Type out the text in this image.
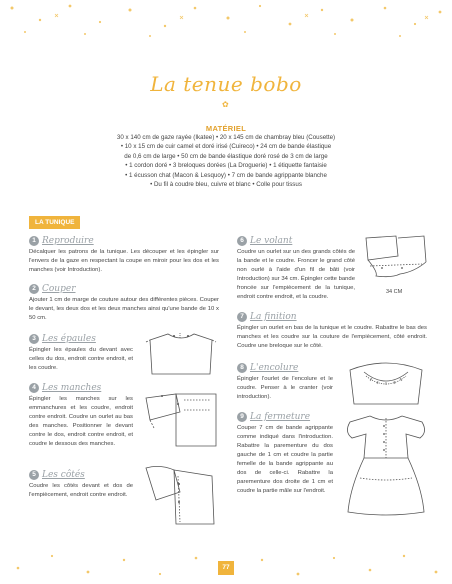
La tenue bobo
✿
MATÉRIEL
30 x 140 cm de gaze rayée (Ikatee) • 20 x 145 cm de chambray bleu (Cousette)
• 10 x 15 cm de cuir camel et doré irisé (Cuireco) • 24 cm de bande élastique
de 0,6 cm de large • 50 cm de bande élastique doré rosé de 3 cm de large
• 1 cordon doré • 3 breloques dorées (La Droguerie) • 1 étiquette fantaisie
• 1 écusson chat (Macon & Lesquoy) • 7 cm de bande agrippante blanche
• Du fil à coudre bleu, cuivre et blanc • Colle pour tissus
LA TUNIQUE
1 Reproduire
Décalquer les patrons de la tunique. Les découper et les épingler sur l'envers de la gaze en respectant la coupe en miroir pour les dos et les manches (voir Introduction).
2 Couper
Ajouter 1 cm de marge de couture autour des différentes pièces. Couper le devant, les deux dos et les deux manches ainsi qu'une bande de 10 x 50 cm.
3 Les épaules
Épingler les épaules du devant avec celles du dos, endroit contre endroit, et les coudre.
4 Les manches
Épingler les manches sur les emmanchures et les coudre, endroit contre endroit. Coudre un ourlet au bas des manches. Positionner le devant contre le dos, endroit contre endroit, et coudre le dessous des manches.
5 Les côtés
Coudre les côtés devant et dos de l'empiècement, endroit contre endroit.
6 Le volant
Coudre un ourlet sur un des grands côtés de la bande et le coudre. Froncer le grand côté non ourlé à l'aide d'un fil de bâti (voir Introduction) sur 34 cm. Épingler cette bande froncée sur l'empiècement de la tunique, endroit contre endroit, et la coudre.
34 CM
7 La finition
Épingler un ourlet en bas de la tunique et le coudre. Rabattre le bas des manches et les coudre sur la couture de l'empiècement, côté endroit. Coudre une breloque sur le côté.
8 L'encolure
Épingler l'ourlet de l'encolure et le coudre. Penser à le cranter (voir introduction).
9 La fermeture
Couper 7 cm de bande agrippante comme indiqué dans l'introduction. Rabattre la parementure du dos gauche de 1 cm et coudre la partie femelle de la bande agrippante au dos de celle-ci. Rabattre la parementure dos droite de 1 cm et coudre la partie mâle sur l'endroit.
77
